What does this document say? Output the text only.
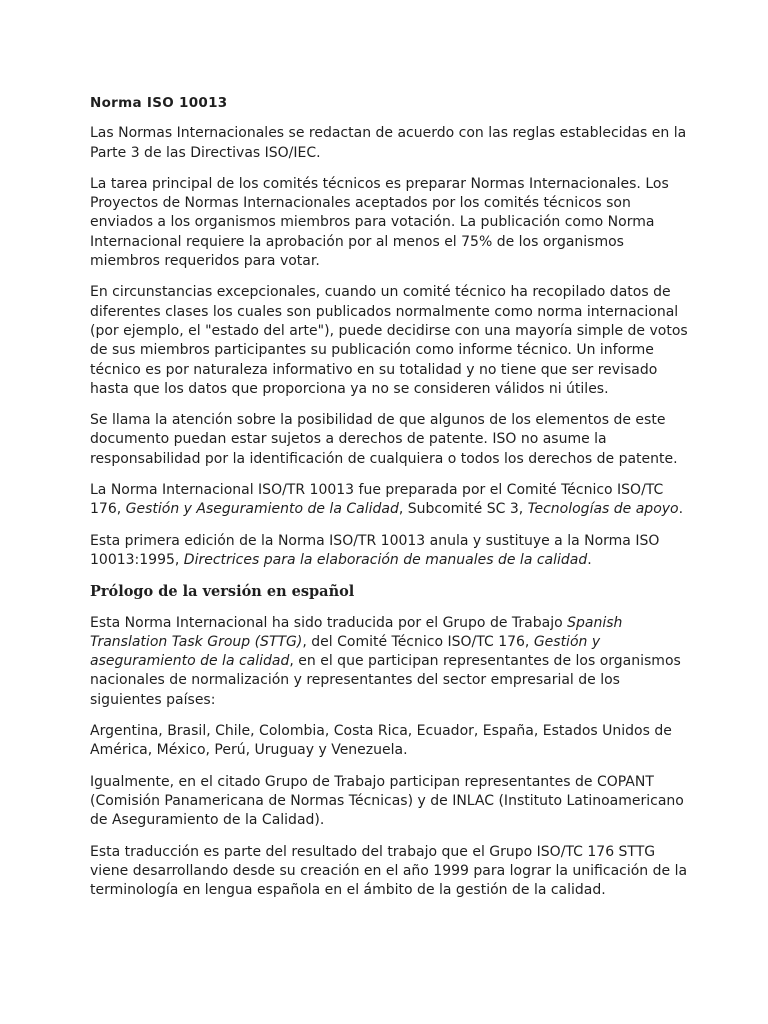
Norma ISO 10013

Las Normas Internacionales se redactan de acuerdo con las reglas establecidas en la Parte 3 de las Directivas ISO/IEC.

La tarea principal de los comités técnicos es preparar Normas Internacionales. Los Proyectos de Normas Internacionales aceptados por los comités técnicos son enviados a los organismos miembros para votación. La publicación como Norma Internacional requiere la aprobación por al menos el 75% de los organismos miembros requeridos para votar.

En circunstancias excepcionales, cuando un comité técnico ha recopilado datos de diferentes clases los cuales son publicados normalmente como norma internacional (por ejemplo, el "estado del arte"), puede decidirse con una mayoría simple de votos de sus miembros participantes su publicación como informe técnico. Un informe técnico es por naturaleza informativo en su totalidad y no tiene que ser revisado hasta que los datos que proporciona ya no se consideren válidos ni útiles.

Se llama la atención sobre la posibilidad de que algunos de los elementos de este documento puedan estar sujetos a derechos de patente. ISO no asume la responsabilidad por la identificación de cualquiera o todos los derechos de patente.

La Norma Internacional ISO/TR 10013 fue preparada por el Comité Técnico ISO/TC 176, Gestión y Aseguramiento de la Calidad, Subcomité SC 3, Tecnologías de apoyo.

Esta primera edición de la Norma ISO/TR 10013 anula y sustituye a la Norma ISO 10013:1995, Directrices para la elaboración de manuales de la calidad.

Prólogo de la versión en español

Esta Norma Internacional ha sido traducida por el Grupo de Trabajo Spanish Translation Task Group (STTG), del Comité Técnico ISO/TC 176, Gestión y aseguramiento de la calidad, en el que participan representantes de los organismos nacionales de normalización y representantes del sector empresarial de los siguientes países:

Argentina, Brasil, Chile, Colombia, Costa Rica, Ecuador, España, Estados Unidos de América, México, Perú, Uruguay y Venezuela.

Igualmente, en el citado Grupo de Trabajo participan representantes de COPANT (Comisión Panamericana de Normas Técnicas) y de INLAC (Instituto Latinoamericano de Aseguramiento de la Calidad).

Esta traducción es parte del resultado del trabajo que el Grupo ISO/TC 176 STTG viene desarrollando desde su creación en el año 1999 para lograr la unificación de la terminología en lengua española en el ámbito de la gestión de la calidad.
